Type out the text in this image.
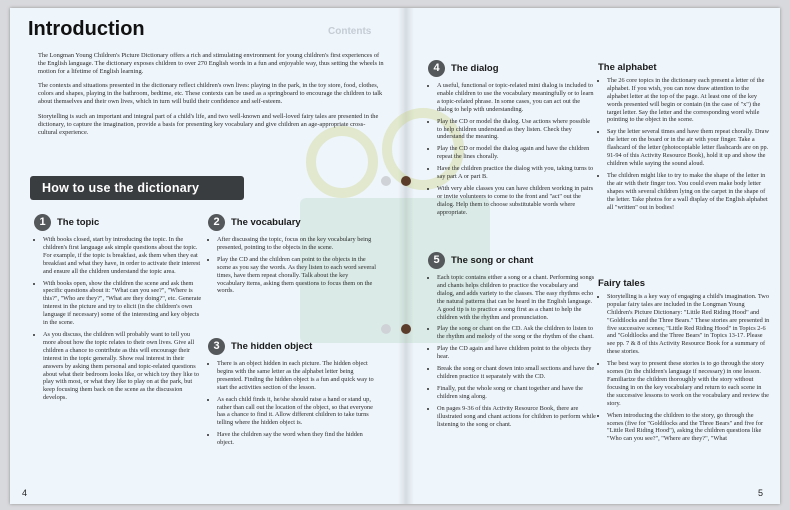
Contents
Introduction

The Longman Young Children's Picture Dictionary offers a rich and stimulating environment for young children's first experiences of the English language. The dictionary exposes children to over 270 English words in a fun and enjoyable way, thus setting the wheels in motion for a lifetime of English learning.

The contexts and situations presented in the dictionary reflect children's own lives: playing in the park, in the toy store, food, clothes, colors and shapes, playing in the bathroom, bedtime, etc. These contexts can be used as a springboard to encourage the children to talk about themselves and their own lives, which in turn will build their confidence and self-esteem.

Storytelling is such an important and integral part of a child's life, and two well-known and well-loved fairy tales are presented in the dictionary, to capture the imagination, provide a basis for presenting key vocabulary and give children an age-appropriate cross-cultural experience.

How to use the dictionary
1	The topic
• With books closed, start by introducing the topic. In the children's first language ask simple questions about the topic. For example, if the topic is breakfast, ask them when they eat breakfast and what they have, in order to activate their interest and ensure all the children understand the topic area.
• With books open, show the children the scene and ask them specific questions about it: "What can you see?", "Where is this?", "Who are they?", "What are they doing?", etc. Generate interest in the picture and try to elicit (in the children's own language if necessary) some of the interesting and key objects in the scene.
• As you discuss, the children will probably want to tell you more about how the topic relates to their own lives. Give all children a chance to contribute as this will encourage their interest in the topic generally. Show real interest in their answers by asking them personal and topic-related questions about what their bedroom looks like, or which toy they like to play with most, or what they like to play on at the park, but keep focusing them back on the scene as the discussion develops.
2	The vocabulary
• After discussing the topic, focus on the key vocabulary being presented, pointing to the objects in the scene.
• Play the CD and the children can point to the objects in the scene as you say the words. As they listen to each word several times, have them repeat chorally. Talk about the key vocabulary items, asking them questions to focus them on the words.
3	The hidden object
• There is an object hidden in each picture. The hidden object begins with the same letter as the alphabet letter being presented. Finding the hidden object is a fun and quick way to start the activities section of the lesson.
• As each child finds it, he/she should raise a hand or stand up, rather than call out the location of the object, so that everyone has a chance to find it. Allow different children to take turns telling where the hidden object is.
• Have the children say the word when they find the hidden object.
4	The dialog
• A useful, functional or topic-related mini dialog is included to enable children to use the vocabulary meaningfully or to learn a topic-related phrase. In some cases, you can act out the dialog to help with understanding.
• Play the CD or model the dialog. Use actions where possible to help children understand as they listen. Check they understand the meaning.
• Play the CD or model the dialog again and have the children repeat the lines chorally.
• Have the children practice the dialog with you, taking turns to say part A or part B.
• With very able classes you can have children working in pairs or invite volunteers to come to the front and "act" out the dialog. Help them to choose substitutable words where appropriate.
5	The song or chant
• Each topic contains either a song or a chant. Performing songs and chants helps children to practice the vocabulary and dialog, and adds variety to the classes. The easy rhythms echo the natural patterns that can be heard in the English language. A good tip is to practice a song first as a chant to help the children with the rhythm and pronunciation.
• Play the song or chant on the CD. Ask the children to listen to the rhythm and melody of the song or the rhythm of the chant.
• Play the CD again and have children point to the objects they hear.
• Break the song or chant down into small sections and have the children practice it separately with the CD.
• Finally, put the whole song or chant together and have the children sing along.
• On pages 9-36 of this Activity Resource Book, there are illustrated song and chant actions for children to perform while listening to the song or chant.
The alphabet
• The 26 core topics in the dictionary each present a letter of the alphabet. If you wish, you can now draw attention to the alphabet letter at the top of the page. At least one of the key words presented will begin or contain (in the case of "x") the target letter. Say the letter and the corresponding word while pointing to the object in the scene.
• Say the letter several times and have them repeat chorally. Draw the letter on the board or in the air with your finger. Take a flashcard of the letter (photocopiable letter flashcards are on pp. 91-94 of this Activity Resource Book), hold it up and show the children while saying the sound aloud.
• The children might like to try to make the shape of the letter in the air with their finger too. You could even make body letter shapes with several children lying on the carpet in the shape of the letter. Take photos for a wall display of the English alphabet all "written" out in bodies!
Fairy tales
• Storytelling is a key way of engaging a child's imagination. Two popular fairy tales are included in the Longman Young Children's Picture Dictionary: "Little Red Riding Hood" and "Goldilocks and the Three Bears." These stories are presented in five successive scenes; "Little Red Riding Hood" in Topics 2-6 and "Goldilocks and the Three Bears" in Topics 13-17. Please see pp. 7 & 8 of this Activity Resource Book for a summary of these stories.
• The best way to present these stories is to go through the story scenes (in the children's language if necessary) in one lesson. Familiarize the children thoroughly with the story without focusing in on the key vocabulary and return to each scene in the successive lessons to work on the vocabulary and review the story.
• When introducing the children to the story, go through the scenes (five for "Goldilocks and the Three Bears" and five for "Little Red Riding Hood"), asking the children questions like "Who can you see?", "Where are they?", "What
4	5
